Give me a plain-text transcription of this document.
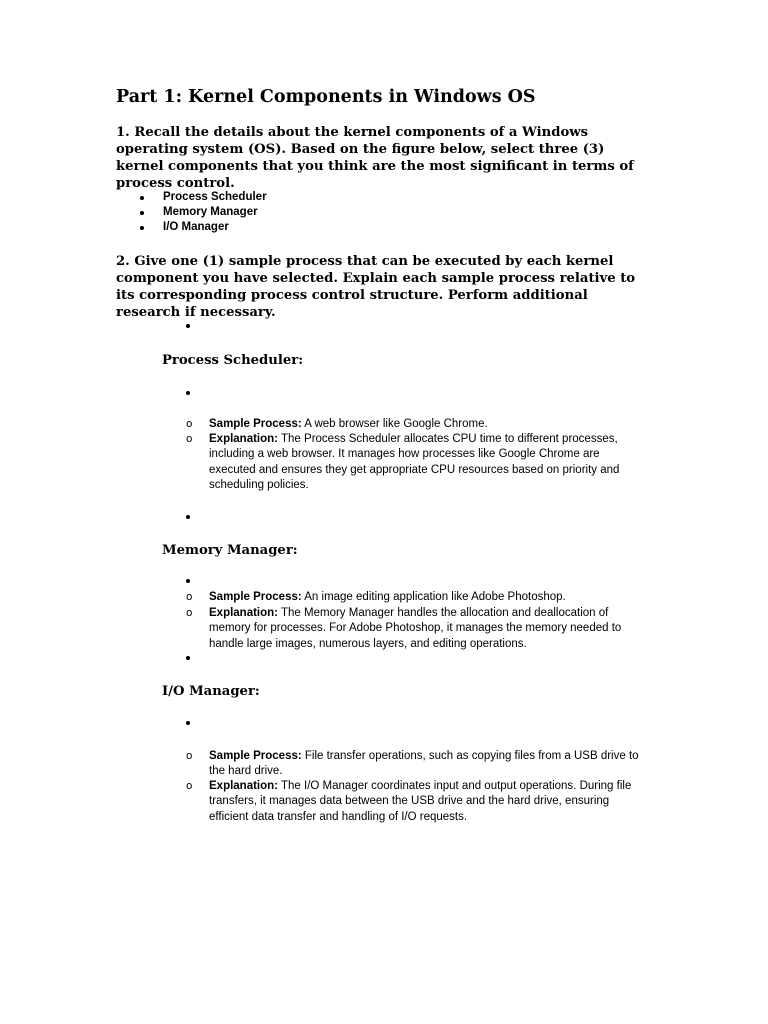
Part 1: Kernel Components in Windows OS
1. Recall the details about the kernel components of a Windows operating system (OS). Based on the figure below, select three (3) kernel components that you think are the most significant in terms of process control.
Process Scheduler
Memory Manager
I/O Manager
2. Give one (1) sample process that can be executed by each kernel component you have selected. Explain each sample process relative to its corresponding process control structure. Perform additional research if necessary.
Process Scheduler:
o Sample Process: A web browser like Google Chrome.
o Explanation: The Process Scheduler allocates CPU time to different processes, including a web browser. It manages how processes like Google Chrome are executed and ensures they get appropriate CPU resources based on priority and scheduling policies.
Memory Manager:
o Sample Process: An image editing application like Adobe Photoshop.
o Explanation: The Memory Manager handles the allocation and deallocation of memory for processes. For Adobe Photoshop, it manages the memory needed to handle large images, numerous layers, and editing operations.
I/O Manager:
o Sample Process: File transfer operations, such as copying files from a USB drive to the hard drive.
o Explanation: The I/O Manager coordinates input and output operations. During file transfers, it manages data between the USB drive and the hard drive, ensuring efficient data transfer and handling of I/O requests.
